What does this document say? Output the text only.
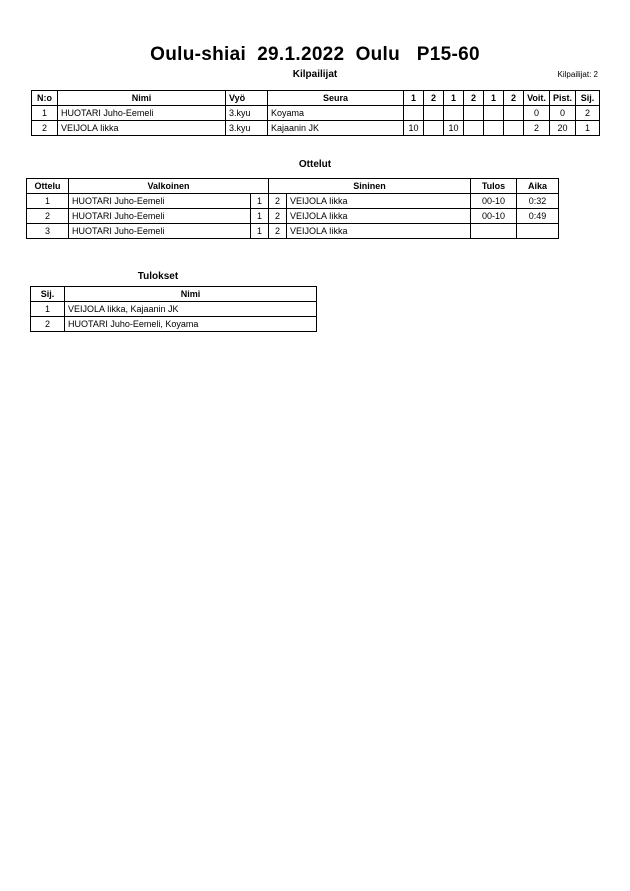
Oulu-shiai  29.1.2022  Oulu   P15-60
Kilpailijat	Kilpailijat: 2
N:o	Nimi	Vyö	Seura	1	2	1	2	1	2	Voit.	Pist.	Sij.
1	HUOTARI Juho-Eemeli	3.kyu	Koyama							0	0	2
2	VEIJOLA Iikka	3.kyu	Kajaanin JK	10		10				2	20	1
Ottelut
Ottelu	Valkoinen		Sininen		Tulos	Aika
1	HUOTARI Juho-Eemeli	1	2	VEIJOLA Iikka	00-10	0:32
2	HUOTARI Juho-Eemeli	1	2	VEIJOLA Iikka	00-10	0:49
3	HUOTARI Juho-Eemeli	1	2	VEIJOLA Iikka		
Tulokset
Sij.	Nimi
1	VEIJOLA Iikka, Kajaanin JK
2	HUOTARI Juho-Eemeli, Koyama
